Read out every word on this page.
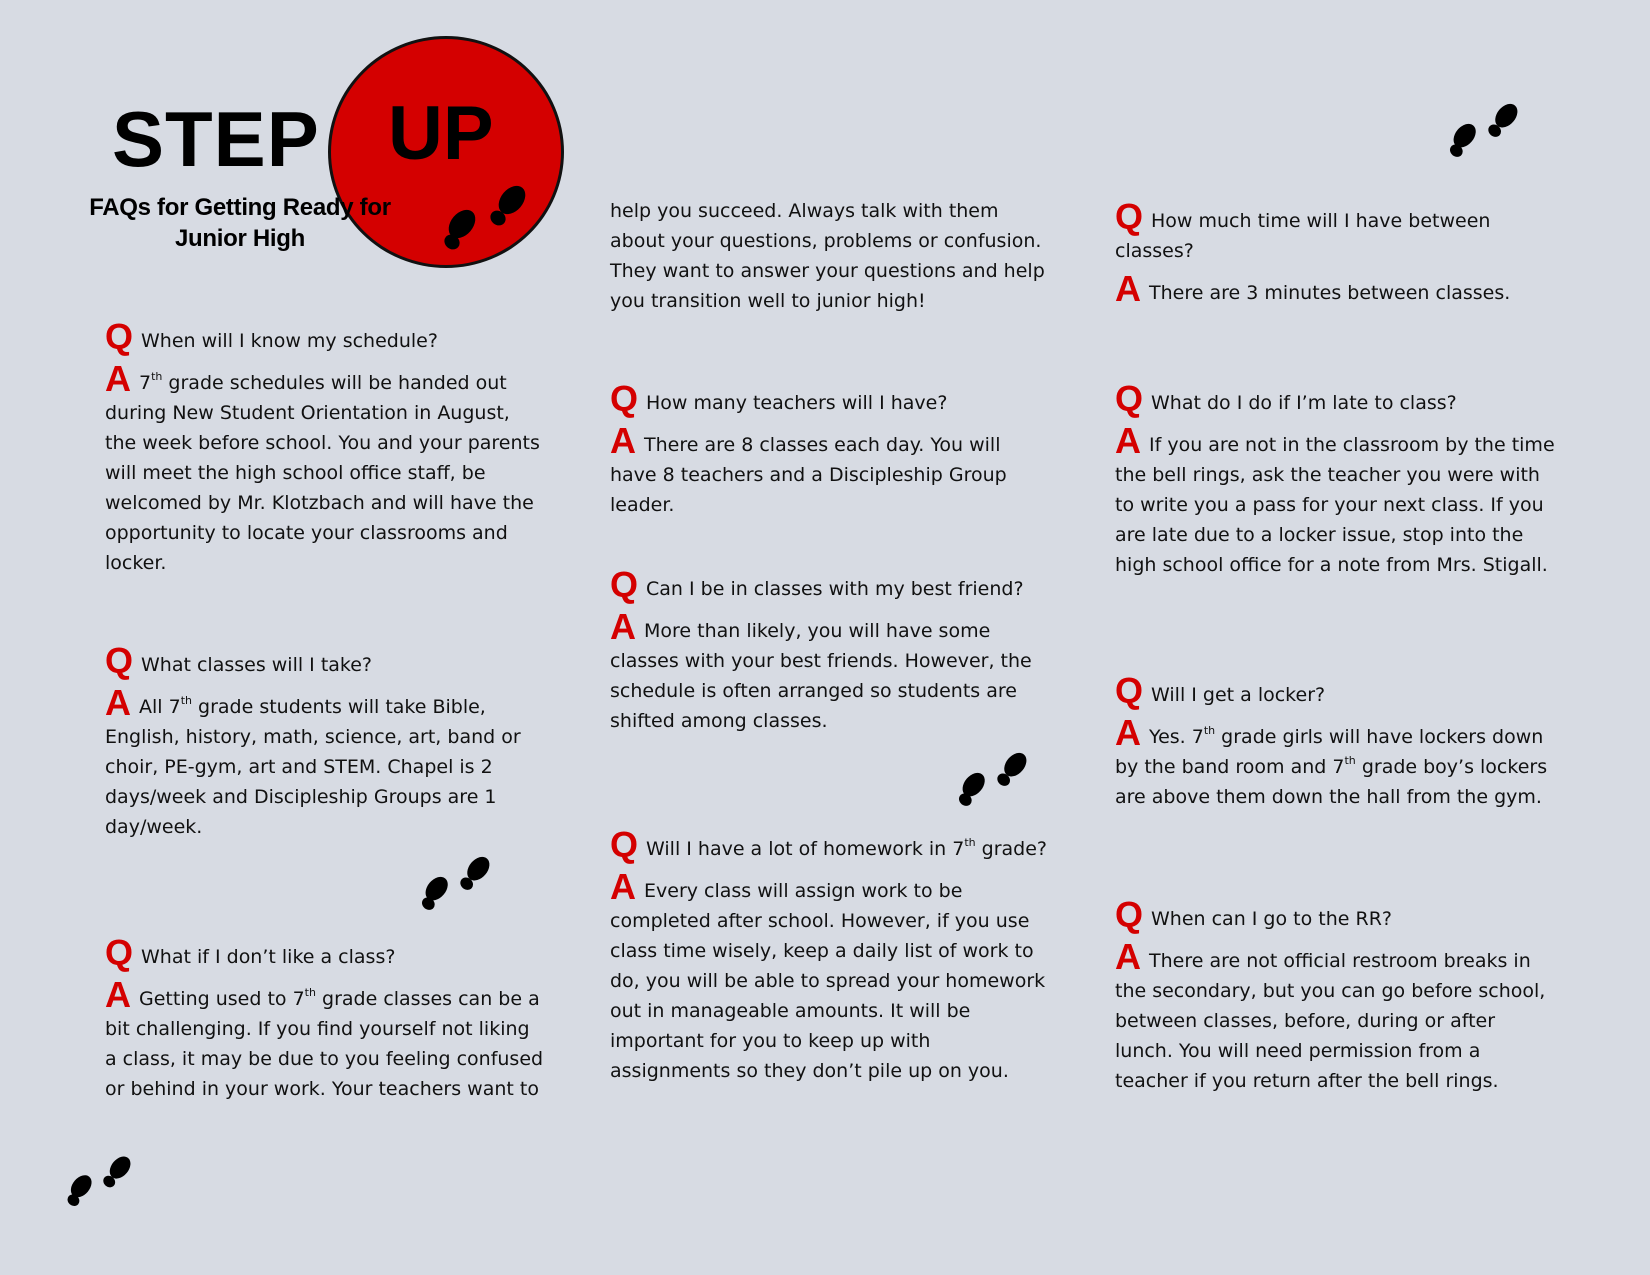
STEP UP
FAQs for Getting Ready for
Junior High

Q When will I know my schedule?

A 7th grade schedules will be handed out during New Student Orientation in August, the week before school. You and your parents will meet the high school office staff, be welcomed by Mr. Klotzbach and will have the opportunity to locate your classrooms and locker.

Q What classes will I take?

A All 7th grade students will take Bible, English, history, math, science, art, band or choir, PE-gym, art and STEM. Chapel is 2 days/week and Discipleship Groups are 1 day/week.

Q What if I don’t like a class?

A Getting used to 7th grade classes can be a bit challenging. If you find yourself not liking a class, it may be due to you feeling confused or behind in your work. Your teachers want to

help you succeed. Always talk with them about your questions, problems or confusion. They want to answer your questions and help you transition well to junior high!

Q How many teachers will I have?

A There are 8 classes each day. You will have 8 teachers and a Discipleship Group leader.

Q Can I be in classes with my best friend?

A More than likely, you will have some classes with your best friends. However, the schedule is often arranged so students are shifted among classes.

Q Will I have a lot of homework in 7th grade?

A Every class will assign work to be completed after school. However, if you use class time wisely, keep a daily list of work to do, you will be able to spread your homework out in manageable amounts. It will be important for you to keep up with assignments so they don’t pile up on you.

Q How much time will I have between classes?

A There are 3 minutes between classes.

Q What do I do if I’m late to class?

A If you are not in the classroom by the time the bell rings, ask the teacher you were with to write you a pass for your next class. If you are late due to a locker issue, stop into the high school office for a note from Mrs. Stigall.

Q Will I get a locker?

A Yes. 7th grade girls will have lockers down by the band room and 7th grade boy’s lockers are above them down the hall from the gym.

Q When can I go to the RR?

A There are not official restroom breaks in the secondary, but you can go before school, between classes, before, during or after lunch. You will need permission from a teacher if you return after the bell rings.
